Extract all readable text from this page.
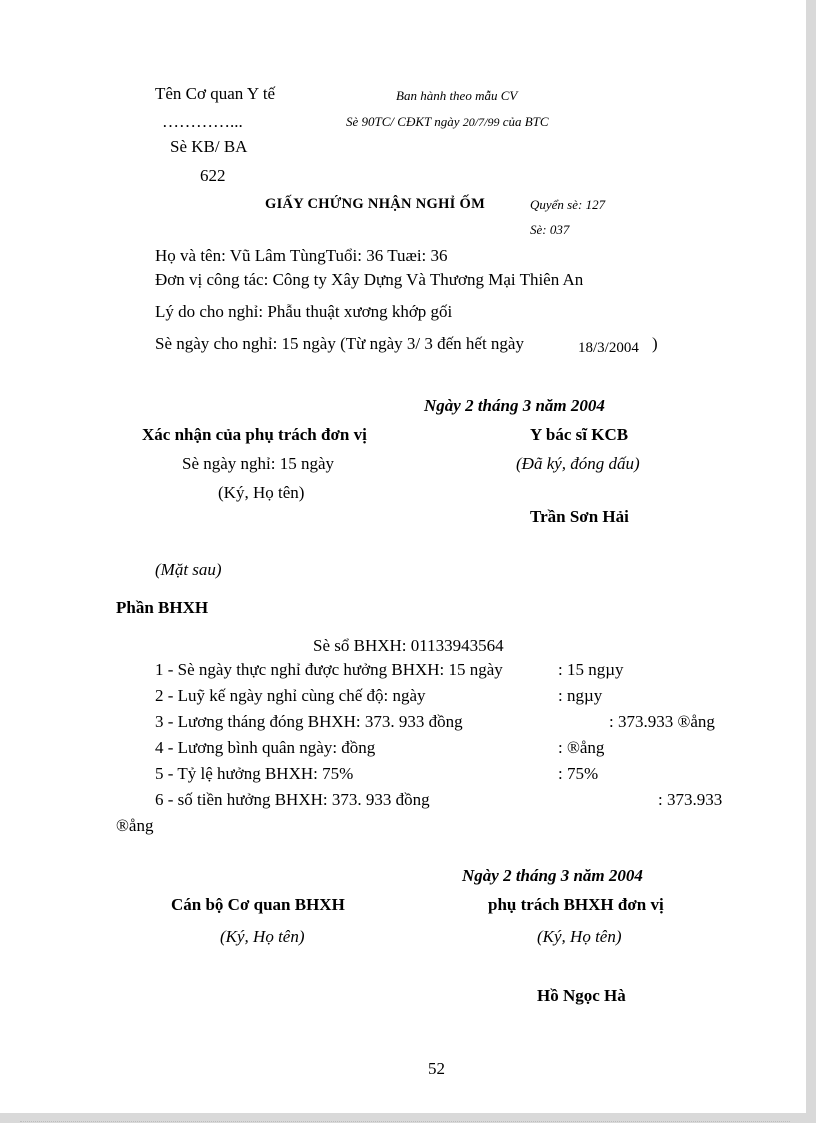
Tên Cơ quan Y tế
…………...
Sè KB/ BA
622
Ban hành theo mẫu CV
Sè 90TC/ CĐKT ngày 20/7/99 của BTC
GIẤY CHỨNG NHẬN NGHỈ ỐM	Quyển sè: 127
Sè: 037
Họ và tên: Vũ Lâm TùngTuổi: 36 Tuæi: 36
Đơn vị công tác: Công ty Xây Dựng Và Thương Mại Thiên An
Lý do cho nghỉ: Phẫu thuật xương khớp gối
Sè ngày cho nghỉ: 15 ngày (Từ ngày 3/ 3 đến hết ngày	18/3/2004 )
Ngày 2 tháng 3 năm 2004
Xác nhận của phụ trách đơn vị
Sè ngày nghỉ: 15 ngày
(Ký, Họ tên)
Y bác sĩ KCB
(Đã ký, đóng dấu)
Trần Sơn Hải
(Mặt sau)
Phần BHXH
Sè sổ BHXH: 01133943564
1 - Sè ngày thực nghỉ được hưởng BHXH: 15 ngày	: 15 ngµy
2 - Luỹ kế ngày nghỉ cùng chế độ: ngày	: ngµy
3 - Lương tháng đóng BHXH: 373. 933 đồng	: 373.933 ®ång
4 - Lương bình quân ngày: đồng	: ®ång
5 - Tỷ lệ hưởng BHXH: 75%	: 75%
6 - số tiền hưởng BHXH: 373. 933 đồng	: 373.933
®ång
Ngày 2 tháng 3 năm 2004
Cán bộ Cơ quan BHXH
(Ký, Họ tên)
phụ trách BHXH đơn vị
(Ký, Họ tên)
Hồ Ngọc Hà
52
